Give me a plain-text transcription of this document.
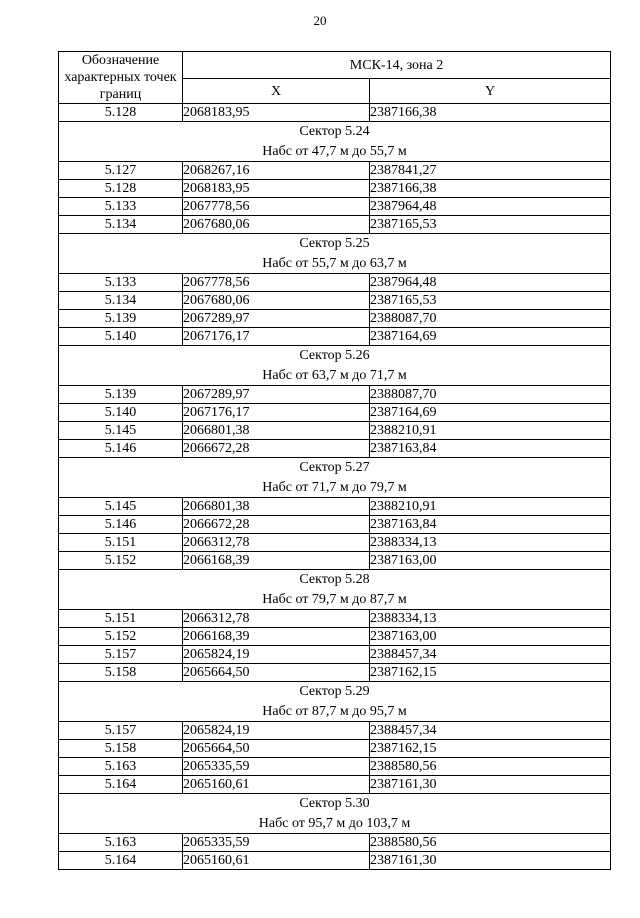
20
Обозначение характерных точек границ	МСК-14, зона 2	
	X	Y
5.128	2068183,95	2387166,38

Сектор 5.24
Набс от 47,7 м до 55,7 м		

5.127	2068267,16	2387841,27
5.128	2068183,95	2387166,38
5.133	2067778,56	2387964,48
5.134	2067680,06	2387165,53

Сектор 5.25
Набс от 55,7 м до 63,7 м		

5.133	2067778,56	2387964,48
5.134	2067680,06	2387165,53
5.139	2067289,97	2388087,70
5.140	2067176,17	2387164,69

Сектор 5.26
Набс от 63,7 м до 71,7 м		

5.139	2067289,97	2388087,70
5.140	2067176,17	2387164,69
5.145	2066801,38	2388210,91
5.146	2066672,28	2387163,84

Сектор 5.27
Набс от 71,7 м до 79,7 м		

5.145	2066801,38	2388210,91
5.146	2066672,28	2387163,84
5.151	2066312,78	2388334,13
5.152	2066168,39	2387163,00

Сектор 5.28
Набс от 79,7 м до 87,7 м		

5.151	2066312,78	2388334,13
5.152	2066168,39	2387163,00
5.157	2065824,19	2388457,34
5.158	2065664,50	2387162,15

Сектор 5.29
Набс от 87,7 м до 95,7 м		

5.157	2065824,19	2388457,34
5.158	2065664,50	2387162,15
5.163	2065335,59	2388580,56
5.164	2065160,61	2387161,30

Сектор 5.30
Набс от 95,7 м до 103,7 м		

5.163	2065335,59	2388580,56
5.164	2065160,61	2387161,30
